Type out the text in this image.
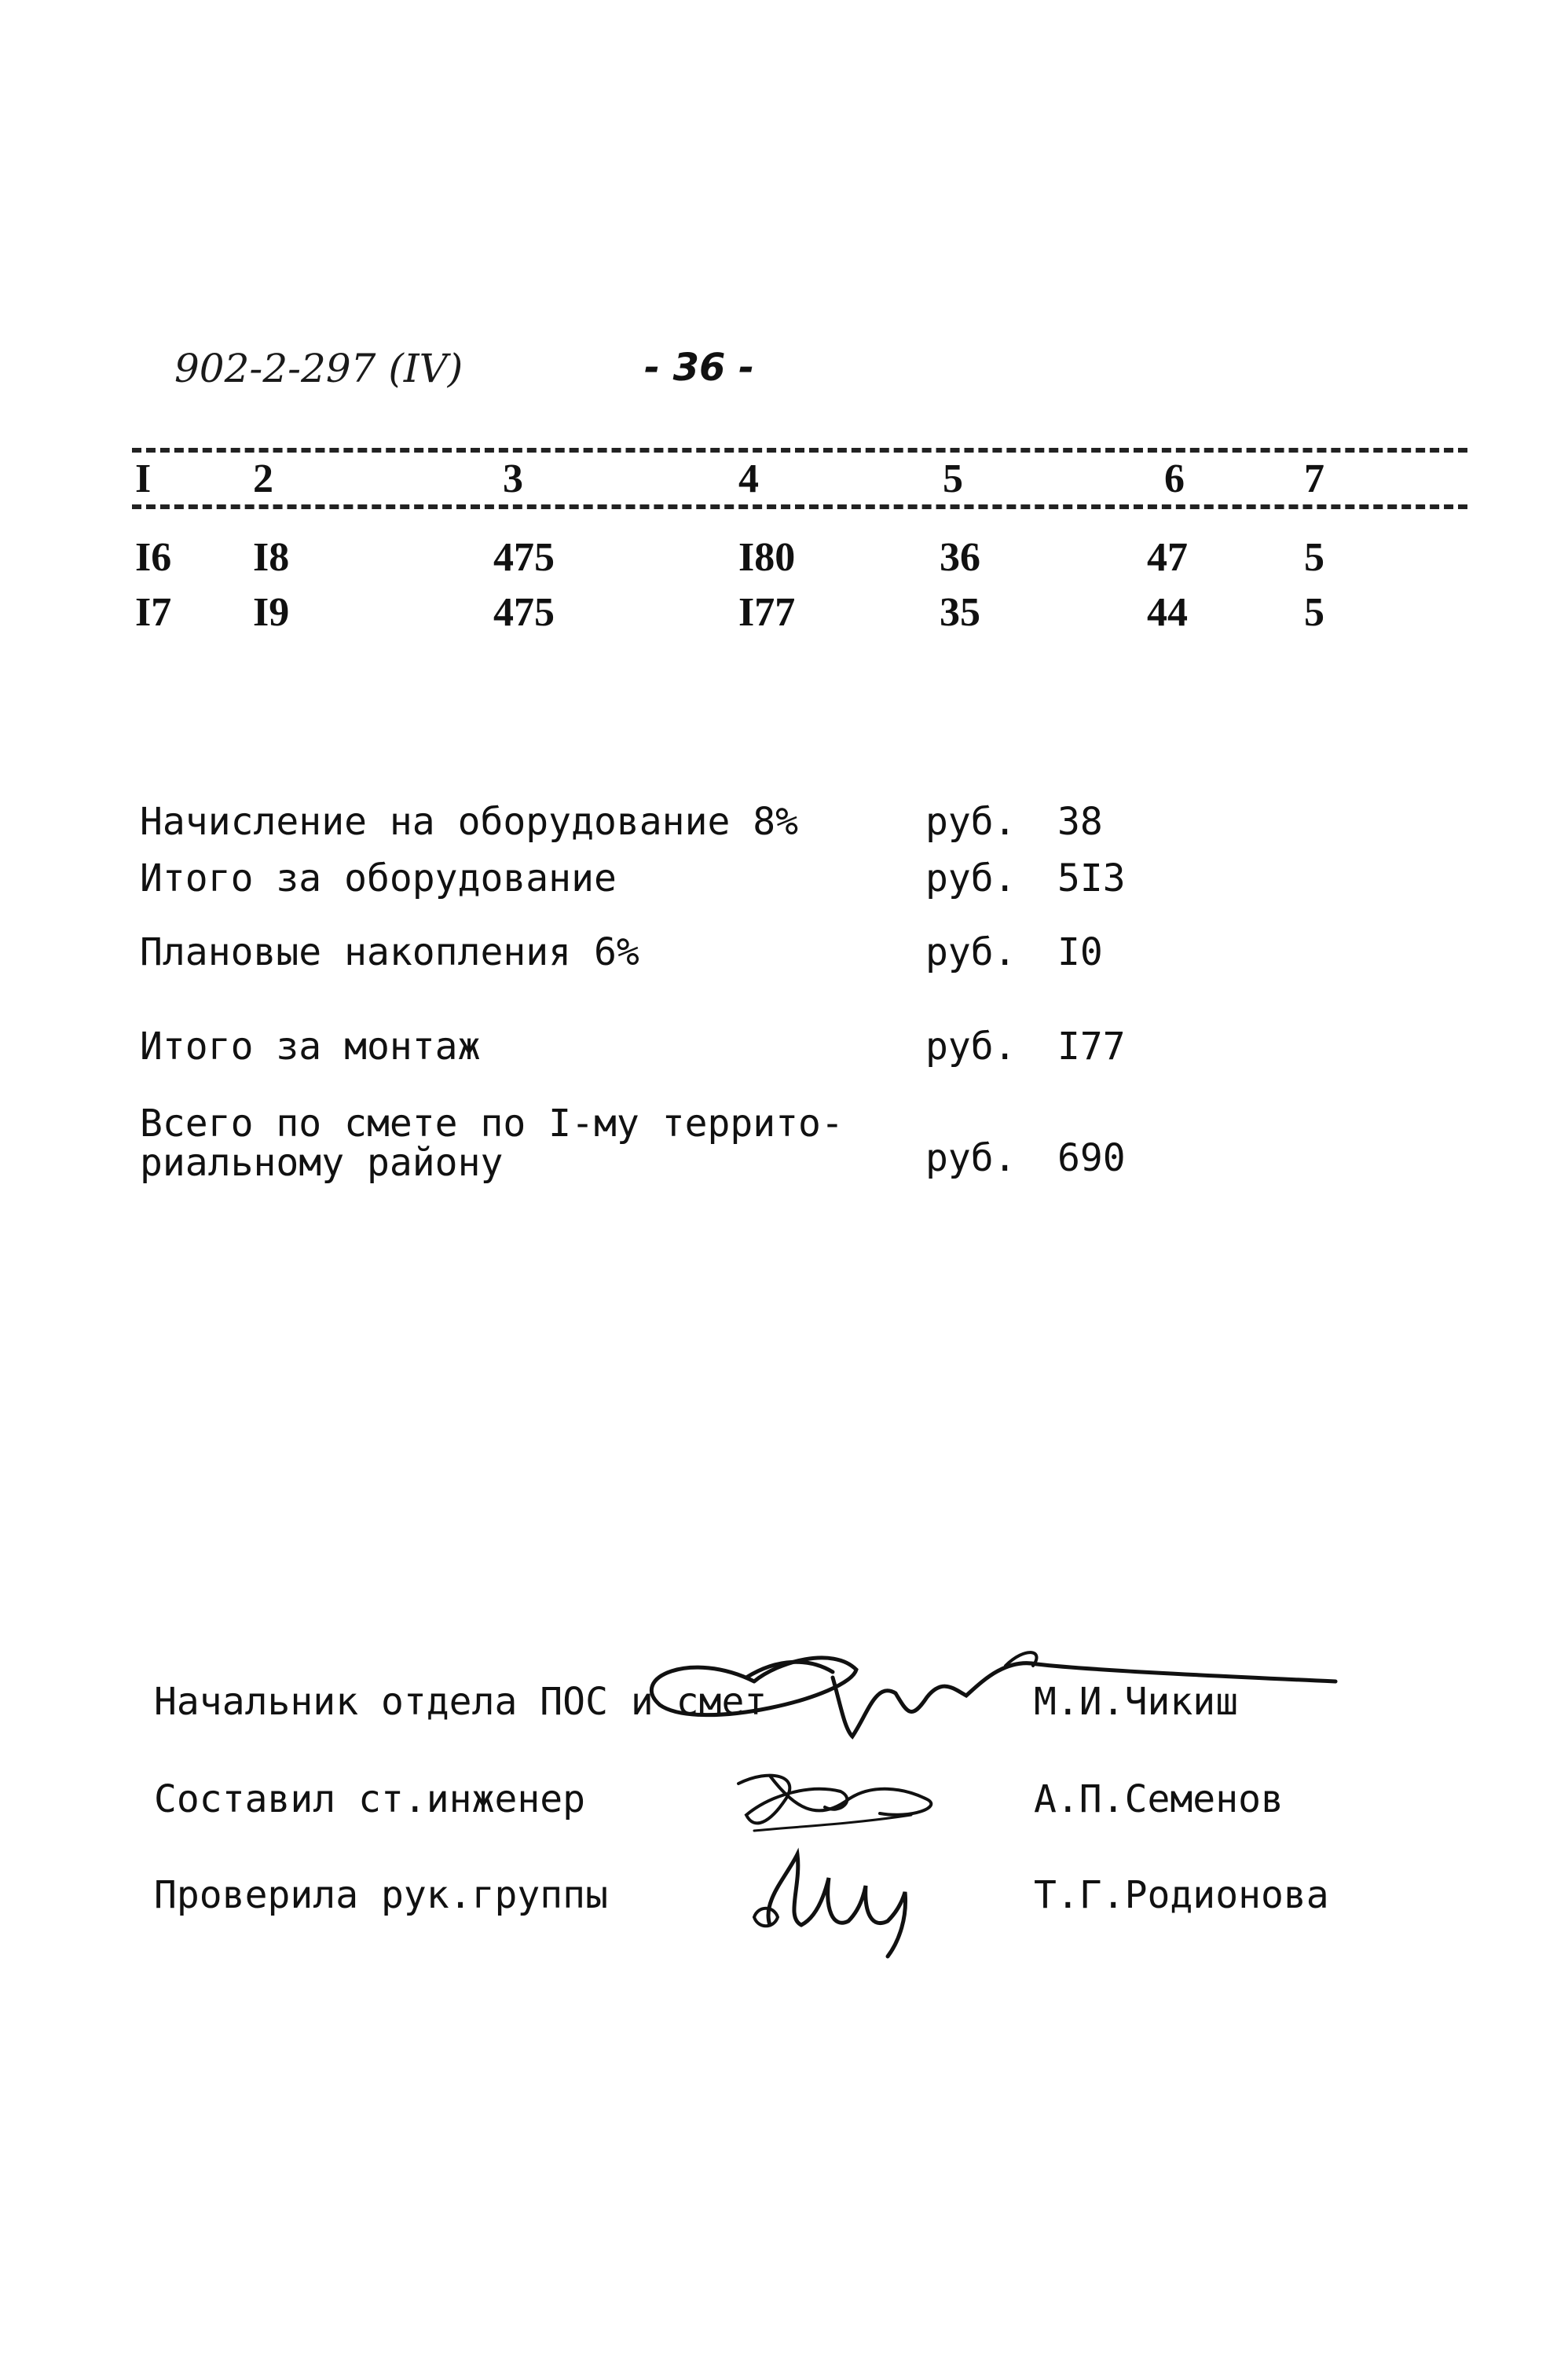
902-2-297 (IV)	- 36 -
I 2	3	4	5	6	7
I6 I8	475	I80	36	47	5
I7 I9	475	I77	35	44	5
Начисление на оборудование 8%	руб. 38
Итого за оборудование	руб. 5I3
Плановые накопления 6%	руб. I0
Итого за монтаж	руб. I77
Всего по смете по I-му террито-
риальному району	руб. 690
Начальник отдела ПОС и смет	М.И.Чикиш
Составил ст.инженер	А.П.Семенов
Проверила рук.группы	Т.Г.Родионова
